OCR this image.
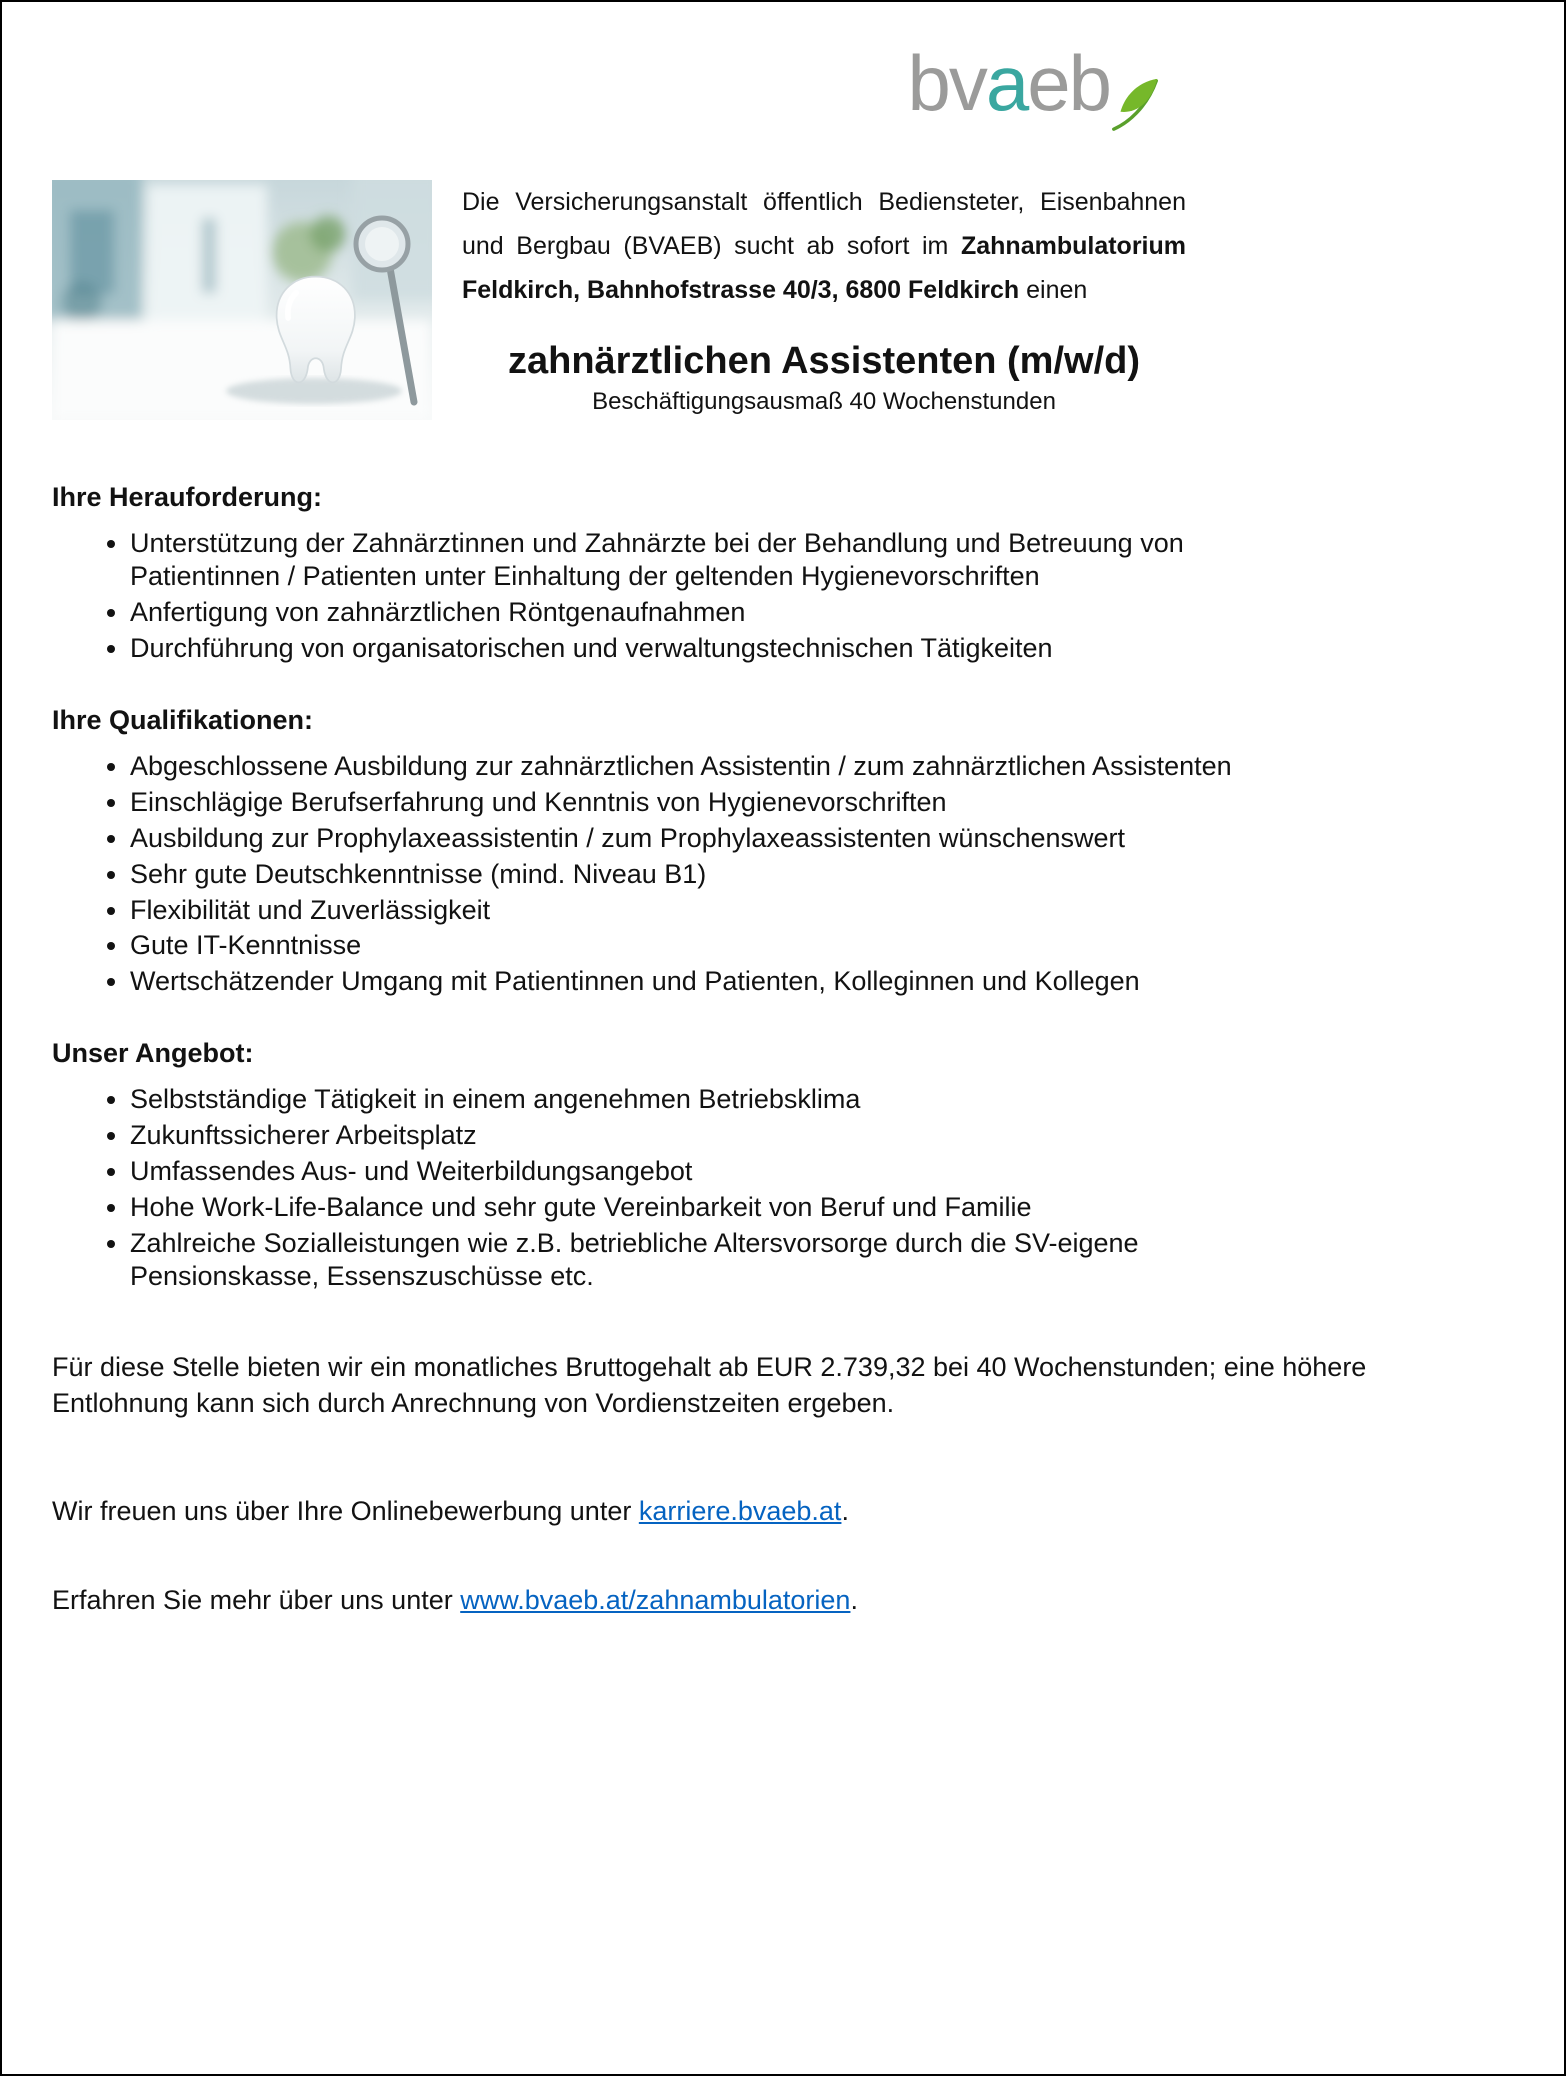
bv a eb

Die Versicherungsanstalt öffentlich Bediensteter, Eisenbahnen
und Bergbau (BVAEB) sucht ab sofort im Zahnambulatorium
Feldkirch, Bahnhofstrasse 40/3, 6800 Feldkirch einen

zahnärztlichen Assistenten (m/w/d)
Beschäftigungsausmaß 40 Wochenstunden
Ihre Herauforderung:
• Unterstützung der Zahnärztinnen und Zahnärzte bei der Behandlung und Betreuung von Patientinnen / Patienten unter Einhaltung der geltenden Hygienevorschriften
• Anfertigung von zahnärztlichen Röntgenaufnahmen
• Durchführung von organisatorischen und verwaltungstechnischen Tätigkeiten
Ihre Qualifikationen:
• Abgeschlossene Ausbildung zur zahnärztlichen Assistentin / zum zahnärztlichen Assistenten
• Einschlägige Berufserfahrung und Kenntnis von Hygienevorschriften
• Ausbildung zur Prophylaxeassistentin / zum Prophylaxeassistenten wünschenswert
• Sehr gute Deutschkenntnisse (mind. Niveau B1)
• Flexibilität und Zuverlässigkeit
• Gute IT-Kenntnisse
• Wertschätzender Umgang mit Patientinnen und Patienten, Kolleginnen und Kollegen
Unser Angebot:
• Selbstständige Tätigkeit in einem angenehmen Betriebsklima
• Zukunftssicherer Arbeitsplatz
• Umfassendes Aus- und Weiterbildungsangebot
• Hohe Work-Life-Balance und sehr gute Vereinbarkeit von Beruf und Familie
• Zahlreiche Sozialleistungen wie z.B. betriebliche Altersvorsorge durch die SV-eigene Pensionskasse, Essenszuschüsse etc.

Für diese Stelle bieten wir ein monatliches Bruttogehalt ab EUR 2.739,32 bei 40 Wochenstunden; eine höhere Entlohnung kann sich durch Anrechnung von Vordienstzeiten ergeben.

Wir freuen uns über Ihre Onlinebewerbung unter karriere.bvaeb.at.

Erfahren Sie mehr über uns unter www.bvaeb.at/zahnambulatorien.
